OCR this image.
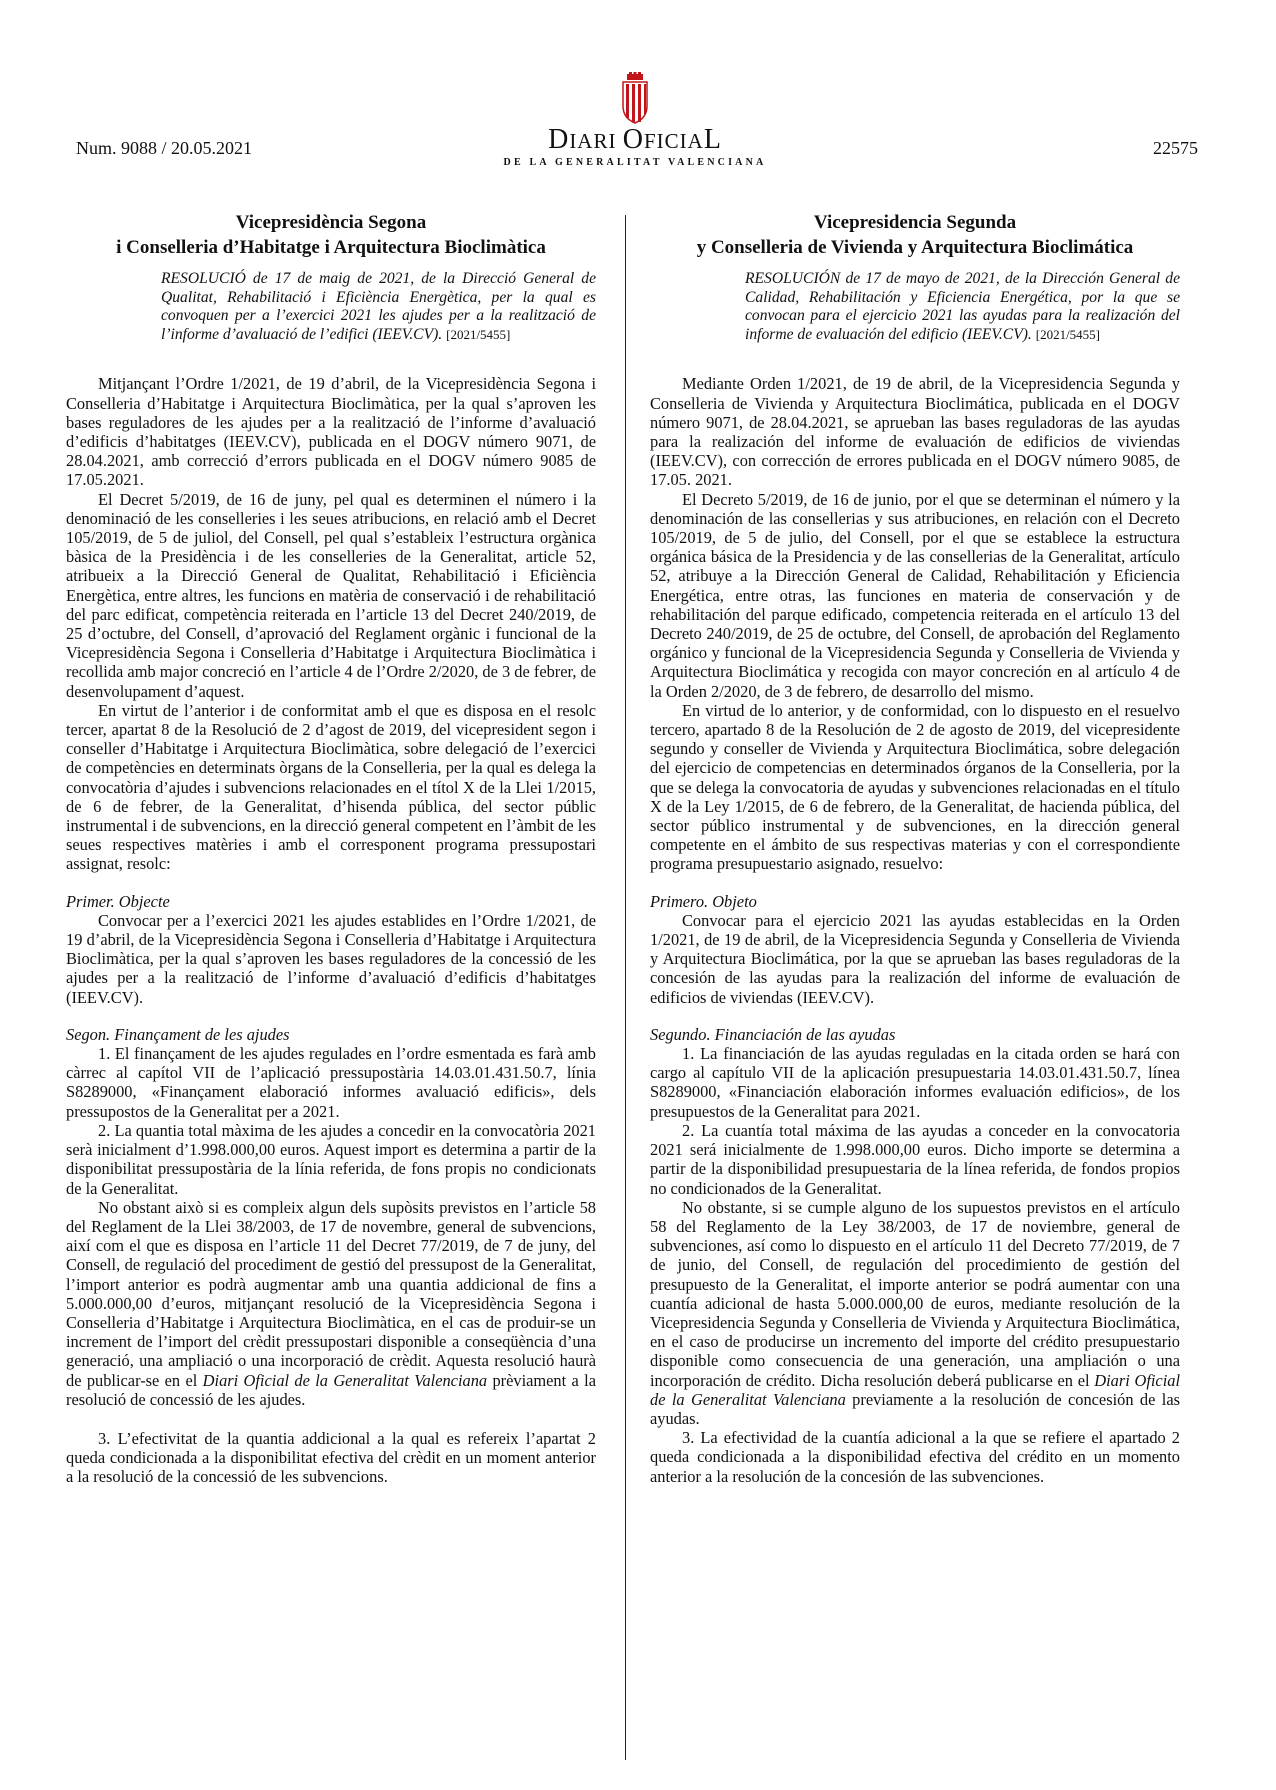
Num. 9088 / 20.05.2021	DIARI OFICIAL
DE LA GENERALITAT VALENCIANA
22575
Vicepresidència Segona
i Conselleria d’Habitatge i Arquitectura Bioclimàtica
RESOLUCIÓ de 17 de maig de 2021, de la Direcció General de Qualitat, Rehabilitació i Eficiència Energètica, per la qual es convoquen per a l’exercici 2021 les ajudes per a la realització de l’informe d’avaluació de l’edifici (IEEV.CV). [2021/5455]

Mitjançant l’Ordre 1/2021, de 19 d’abril, de la Vicepresidència Segona i Conselleria d’Habitatge i Arquitectura Bioclimàtica, per la qual s’aproven les bases reguladores de les ajudes per a la realització de l’informe d’avaluació d’edificis d’habitatges (IEEV.CV), publicada en el DOGV número 9071, de 28.04.2021, amb correcció d’errors publicada en el DOGV número 9085 de 17.05.2021.

El Decret 5/2019, de 16 de juny, pel qual es determinen el número i la denominació de les conselleries i les seues atribucions, en relació amb el Decret 105/2019, de 5 de juliol, del Consell, pel qual s’estableix l’estructura orgànica bàsica de la Presidència i de les conselleries de la Generalitat, article 52, atribueix a la Direcció General de Qualitat, Rehabilitació i Eficiència Energètica, entre altres, les funcions en matèria de conservació i de rehabilitació del parc edificat, competència reiterada en l’article 13 del Decret 240/2019, de 25 d’octubre, del Consell, d’aprovació del Reglament orgànic i funcional de la Vicepresidència Segona i Conselleria d’Habitatge i Arquitectura Bioclimàtica i recollida amb major concreció en l’article 4 de l’Ordre 2/2020, de 3 de febrer, de desenvolupament d’aquest.

En virtut de l’anterior i de conformitat amb el que es disposa en el resolc tercer, apartat 8 de la Resolució de 2 d’agost de 2019, del vicepresident segon i conseller d’Habitatge i Arquitectura Bioclimàtica, sobre delegació de l’exercici de competències en determinats òrgans de la Conselleria, per la qual es delega la convocatòria d’ajudes i subvencions relacionades en el títol X de la Llei 1/2015, de 6 de febrer, de la Generalitat, d’hisenda pública, del sector públic instrumental i de subvencions, en la direcció general competent en l’àmbit de les seues respectives matèries i amb el corresponent programa pressupostari assignat, resolc:

Primer. Objecte

Convocar per a l’exercici 2021 les ajudes establides en l’Ordre 1/2021, de 19 d’abril, de la Vicepresidència Segona i Conselleria d’Habitatge i Arquitectura Bioclimàtica, per la qual s’aproven les bases reguladores de la concessió de les ajudes per a la realització de l’informe d’avaluació d’edificis d’habitatges (IEEV.CV).

Segon. Finançament de les ajudes

1. El finançament de les ajudes regulades en l’ordre esmentada es farà amb càrrec al capítol VII de l’aplicació pressupostària 14.03.01.431.50.7, línia S8289000, «Finançament elaboració informes avaluació edificis», dels pressupostos de la Generalitat per a 2021.

2. La quantia total màxima de les ajudes a concedir en la convocatòria 2021 serà inicialment d’1.998.000,00 euros. Aquest import es determina a partir de la disponibilitat pressupostària de la línia referida, de fons propis no condicionats de la Generalitat.

No obstant això si es compleix algun dels supòsits previstos en l’article 58 del Reglament de la Llei 38/2003, de 17 de novembre, general de subvencions, així com el que es disposa en l’article 11 del Decret 77/2019, de 7 de juny, del Consell, de regulació del procediment de gestió del pressupost de la Generalitat, l’import anterior es podrà augmentar amb una quantia addicional de fins a 5.000.000,00 d’euros, mitjançant resolució de la Vicepresidència Segona i Conselleria d’Habitatge i Arquitectura Bioclimàtica, en el cas de produir-se un increment de l’import del crèdit pressupostari disponible a conseqüència d’una generació, una ampliació o una incorporació de crèdit. Aquesta resolució haurà de publicar-se en el Diari Oficial de la Generalitat Valenciana prèviament a la resolució de concessió de les ajudes.

3. L’efectivitat de la quantia addicional a la qual es refereix l’apartat 2 queda condicionada a la disponibilitat efectiva del crèdit en un moment anterior a la resolució de la concessió de les subvencions.

Vicepresidencia Segunda
y Conselleria de Vivienda y Arquitectura Bioclimática
RESOLUCIÓN de 17 de mayo de 2021, de la Dirección General de Calidad, Rehabilitación y Eficiencia Energética, por la que se convocan para el ejercicio 2021 las ayudas para la realización del informe de evaluación del edificio (IEEV.CV). [2021/5455]

Mediante Orden 1/2021, de 19 de abril, de la Vicepresidencia Segunda y Conselleria de Vivienda y Arquitectura Bioclimática, publicada en el DOGV número 9071, de 28.04.2021, se aprueban las bases reguladoras de las ayudas para la realización del informe de evaluación de edificios de viviendas (IEEV.CV), con corrección de errores publicada en el DOGV número 9085, de 17.05. 2021.

El Decreto 5/2019, de 16 de junio, por el que se determinan el número y la denominación de las consellerias y sus atribuciones, en relación con el Decreto 105/2019, de 5 de julio, del Consell, por el que se establece la estructura orgánica básica de la Presidencia y de las consellerias de la Generalitat, artículo 52, atribuye a la Dirección General de Calidad, Rehabilitación y Eficiencia Energética, entre otras, las funciones en materia de conservación y de rehabilitación del parque edificado, competencia reiterada en el artículo 13 del Decreto 240/2019, de 25 de octubre, del Consell, de aprobación del Reglamento orgánico y funcional de la Vicepresidencia Segunda y Conselleria de Vivienda y Arquitectura Bioclimática y recogida con mayor concreción en al artículo 4 de la Orden 2/2020, de 3 de febrero, de desarrollo del mismo.

En virtud de lo anterior, y de conformidad, con lo dispuesto en el resuelvo tercero, apartado 8 de la Resolución de 2 de agosto de 2019, del vicepresidente segundo y conseller de Vivienda y Arquitectura Bioclimática, sobre delegación del ejercicio de competencias en determinados órganos de la Conselleria, por la que se delega la convocatoria de ayudas y subvenciones relacionadas en el título X de la Ley 1/2015, de 6 de febrero, de la Generalitat, de hacienda pública, del sector público instrumental y de subvenciones, en la dirección general competente en el ámbito de sus respectivas materias y con el correspondiente programa presupuestario asignado, resuelvo:

Primero. Objeto

Convocar para el ejercicio 2021 las ayudas establecidas en la Orden 1/2021, de 19 de abril, de la Vicepresidencia Segunda y Conselleria de Vivienda y Arquitectura Bioclimática, por la que se aprueban las bases reguladoras de la concesión de las ayudas para la realización del informe de evaluación de edificios de viviendas (IEEV.CV).

Segundo. Financiación de las ayudas

1. La financiación de las ayudas reguladas en la citada orden se hará con cargo al capítulo VII de la aplicación presupuestaria 14.03.01.431.50.7, línea S8289000, «Financiación elaboración informes evaluación edificios», de los presupuestos de la Generalitat para 2021.

2. La cuantía total máxima de las ayudas a conceder en la convocatoria 2021 será inicialmente de 1.998.000,00 euros. Dicho importe se determina a partir de la disponibilidad presupuestaria de la línea referida, de fondos propios no condicionados de la Generalitat.

No obstante, si se cumple alguno de los supuestos previstos en el artículo 58 del Reglamento de la Ley 38/2003, de 17 de noviembre, general de subvenciones, así como lo dispuesto en el artículo 11 del Decreto 77/2019, de 7 de junio, del Consell, de regulación del procedimiento de gestión del presupuesto de la Generalitat, el importe anterior se podrá aumentar con una cuantía adicional de hasta 5.000.000,00 de euros, mediante resolución de la Vicepresidencia Segunda y Conselleria de Vivienda y Arquitectura Bioclimática, en el caso de producirse un incremento del importe del crédito presupuestario disponible como consecuencia de una generación, una ampliación o una incorporación de crédito. Dicha resolución deberá publicarse en el Diari Oficial de la Generalitat Valenciana previamente a la resolución de concesión de las ayudas.

3. La efectividad de la cuantía adicional a la que se refiere el apartado 2 queda condicionada a la disponibilidad efectiva del crédito en un momento anterior a la resolución de la concesión de las subvenciones.
